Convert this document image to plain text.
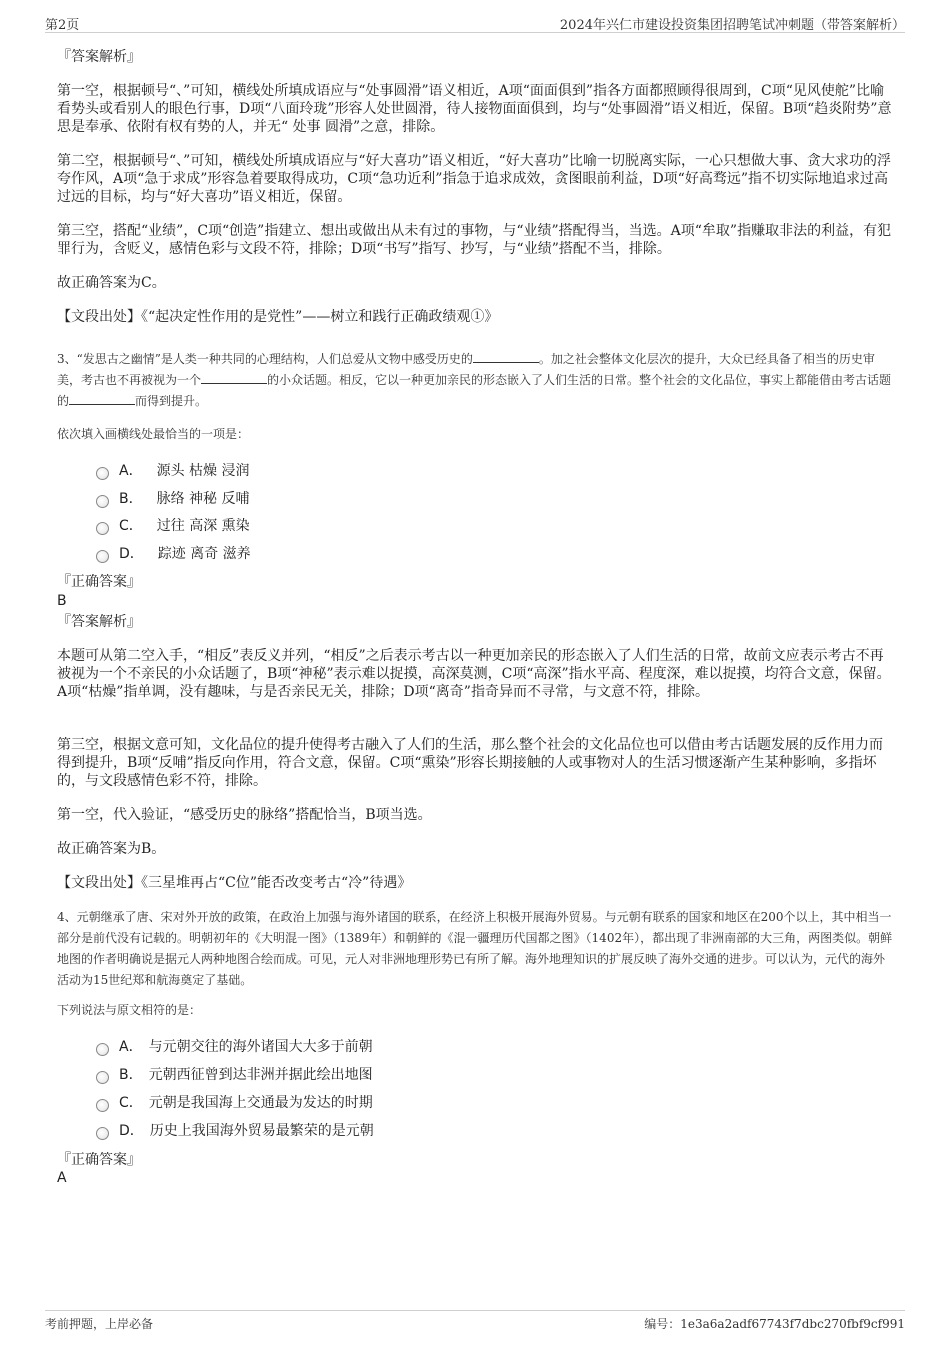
第2页	2024年兴仁市建设投资集团招聘笔试冲刺题（带答案解析）
『答案解析』

第一空，根据顿号“、”可知，横线处所填成语应与“处事圆滑”语义相近，A项“面面俱到”指各方面都照顾得很周到，C项“见风使舵”比喻看势头或看别人的眼色行事，D项“八面玲珑”形容人处世圆滑，待人接物面面俱到，均与“处事圆滑”语义相近，保留。B项“趋炎附势”意思是奉承、依附有权有势的人，并无“ 处事 圆滑”之意，排除。

第二空，根据顿号“、”可知，横线处所填成语应与“好大喜功”语义相近，“好大喜功”比喻一切脱离实际，一心只想做大事、贪大求功的浮夸作风，A项“急于求成”形容急着要取得成功，C项“急功近利”指急于追求成效，贪图眼前利益，D项“好高骛远”指不切实际地追求过高过远的目标，均与“好大喜功”语义相近，保留。

第三空，搭配“业绩”，C项“创造”指建立、想出或做出从未有过的事物，与“业绩”搭配得当，当选。A项“牟取”指赚取非法的利益，有犯罪行为，含贬义，感情色彩与文段不符，排除；D项“书写”指写、抄写，与“业绩”搭配不当，排除。

故正确答案为C。

【文段出处】《“起决定性作用的是党性”——树立和践行正确政绩观①》

3、“发思古之幽情”是人类一种共同的心理结构，人们总爱从文物中感受历史的	。加之社会整体文化层次的提升，大众已经具备了相当的历史审美，考古也不再被视为一个	的小众话题。相反，它以一种更加亲民的形态嵌入了人们生活的日常。整个社会的文化品位，事实上都能借由考古话题的	而得到提升。

依次填入画横线处最恰当的一项是：

A． 源头 枯燥 浸润
B． 脉络 神秘 反哺
C． 过往 高深 熏染
D． 踪迹 离奇 滋养
『正确答案』
B
『答案解析』

本题可从第二空入手，“相反”表反义并列，“相反”之后表示考古以一种更加亲民的形态嵌入了人们生活的日常，故前文应表示考古不再被视为一个不亲民的小众话题了，B项“神秘”表示难以捉摸，高深莫测，C项“高深”指水平高、程度深，难以捉摸，均符合文意，保留。A项“枯燥”指单调，没有趣味，与是否亲民无关，排除；D项“离奇”指奇异而不寻常，与文意不符，排除。

第三空，根据文意可知，文化品位的提升使得考古融入了人们的生活，那么整个社会的文化品位也可以借由考古话题发展的反作用力而得到提升，B项“反哺”指反向作用，符合文意，保留。C项“熏染”形容长期接触的人或事物对人的生活习惯逐渐产生某种影响，多指坏的，与文段感情色彩不符，排除。

第一空，代入验证，“感受历史的脉络”搭配恰当，B项当选。

故正确答案为B。

【文段出处】《三星堆再占“C位”能否改变考古“冷”待遇》

4、元朝继承了唐、宋对外开放的政策，在政治上加强与海外诸国的联系，在经济上积极开展海外贸易。与元朝有联系的国家和地区在200个以上，其中相当一部分是前代没有记载的。明朝初年的《大明混一图》（1389年）和朝鲜的《混一疆理历代国都之图》（1402年），都出现了非洲南部的大三角，两图类似。朝鲜地图的作者明确说是据元人两种地图合绘而成。可见，元人对非洲地理形势已有所了解。海外地理知识的扩展反映了海外交通的进步。可以认为，元代的海外活动为15世纪郑和航海奠定了基础。

下列说法与原文相符的是：

A． 与元朝交往的海外诸国大大多于前朝
B． 元朝西征曾到达非洲并据此绘出地图
C． 元朝是我国海上交通最为发达的时期
D． 历史上我国海外贸易最繁荣的是元朝
『正确答案』
A
考前押题，上岸必备	编号：1e3a6a2adf67743f7dbc270fbf9cf991
